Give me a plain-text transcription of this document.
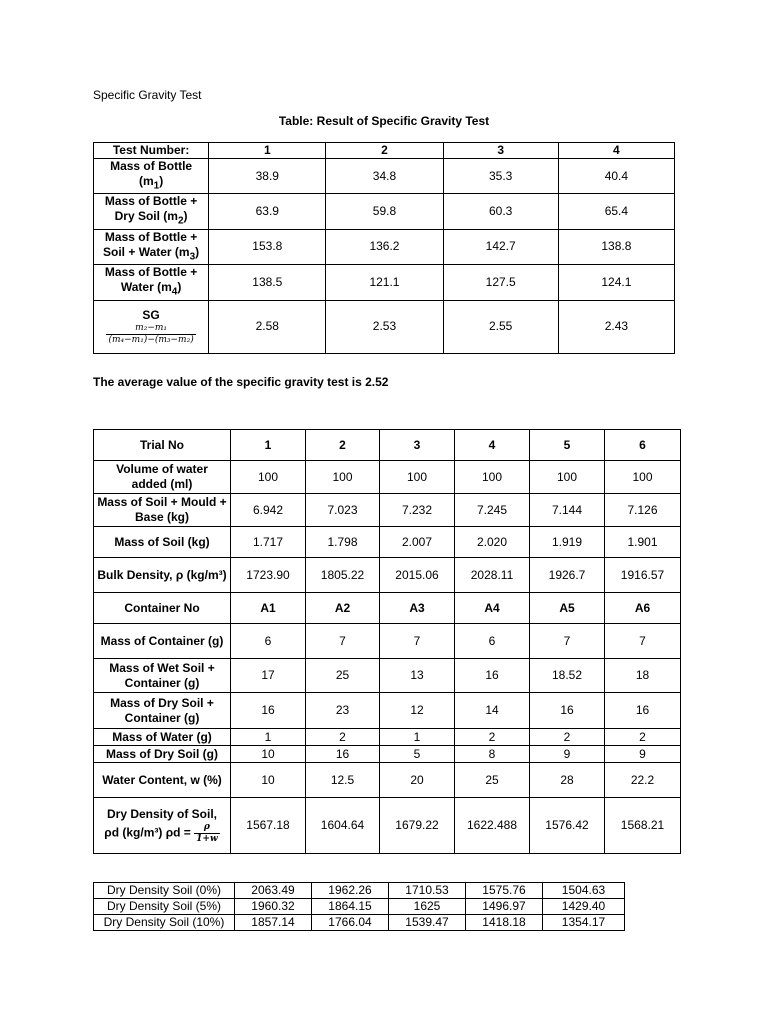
Specific Gravity Test
Table: Result of Specific Gravity Test
Test Number:	1	2	3	4

Mass of Bottle
$(m_1)$	38.9	34.8	35.3	40.4

Mass of Bottle +
Dry Soil $(m_2)$	63.9	59.8	60.3	65.4

Mass of Bottle +
Soil + Water $(m_3)$	153.8	136.2	142.7	138.8

Mass of Bottle +
Water $(m_4)$	138.5	121.1	127.5	124.1

SG
$\frac{\text{m₂−m₁}}{\text{(m₄−m₁)−(m₃−m₂)}}$	2.58	2.53	2.55	2.43
The average value of the specific gravity test is 2.52
Trial No	1	2	3	4	5	6
Volume of water added (ml)	100	100	100	100	100	100
Mass of Soil + Mould + Base (kg)	6.942	7.023	7.232	7.245	7.144	7.126
Mass of Soil (kg)	1.717	1.798	2.007	2.020	1.919	1.901
Bulk Density, ρ (kg/m³)	1723.90	1805.22	2015.06	2028.11	1926.7	1916.57
Container No	A1	A2	A3	A4	A5	A6
Mass of Container (g)	6	7	7	6	7	7
Mass of Wet Soil + Container (g)	17	25	13	16	18.52	18
Mass of Dry Soil + Container (g)	16	23	12	14	16	16
Mass of Water (g)	1	2	1	2	2	2
Mass of Dry Soil (g)	10	16	5	8	9	9
Water Content, w (%)	10	12.5	20	25	28	22.2

Dry Density of Soil,
ρd (kg/m³) $\rho d = \frac{\rho}{1+w}$	1567.18	1604.64	1679.22	1622.488	1576.42	1568.21
Dry Density Soil (0%)	2063.49	1962.26	1710.53	1575.76	1504.63
Dry Density Soil (5%)	1960.32	1864.15	1625	1496.97	1429.40
Dry Density Soil (10%)	1857.14	1766.04	1539.47	1418.18	1354.17
